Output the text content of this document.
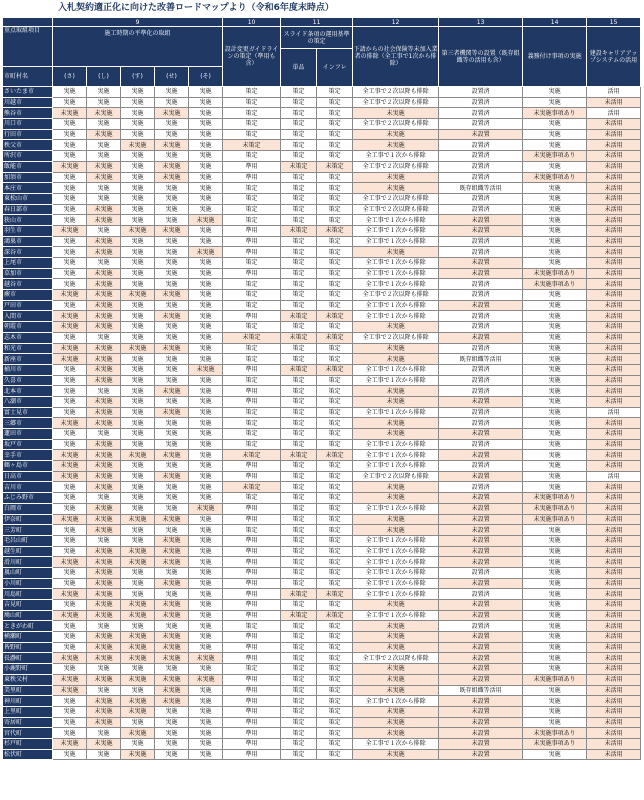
入札契約適正化に向けた改善ロードマップより（令和6年度末時点）
	9					10	11		12	13	14	15
重点取組項目	施工時期の平準化の取組					設計変更ガイドラインの策定（準用も含）	スライド条項の運用基準の策定		下請からの社会保険等未加入業者の排除（全工事で1次から排除）	第三者機関等の設置（既存組織等の活用も含）	義務付け事項の実施	建設キャリアアップシステムの活用
							単品	インフレ				
市町村名	(さ)	(し)	(す)	(せ)	(そ)							
さいたま市	実施	実施	実施	実施	実施	策定	策定	策定	全工事で２次以降も排除	設置済	実施	活用
川越市	実施	実施	実施	実施	実施	策定	策定	策定	全工事で２次以降も排除	設置済	実施	未活用
熊谷市	未実施	未実施	実施	未実施	実施	策定	策定	策定	未実施	設置済	未実施事項あり	活用
川口市	実施	実施	実施	実施	実施	策定	策定	策定	全工事で２次以降も排除	設置済	実施	未活用
行田市	実施	未実施	実施	実施	実施	策定	策定	策定	未実施	未設置	実施	未活用
秩父市	実施	実施	未実施	未実施	実施	未策定	策定	策定	未実施	設置済	実施	未活用
所沢市	実施	実施	実施	実施	実施	策定	策定	策定	全工事で１次から排除	設置済	未実施事項あり	未活用
飯能市	未実施	未実施	実施	未実施	実施	準用	未策定	未策定	全工事で２次以降も排除	設置済	実施	未活用
加須市	実施	未実施	実施	未実施	実施	準用	策定	策定	未実施	設置済	未実施事項あり	未活用
本庄市	実施	実施	実施	実施	実施	策定	策定	策定	未実施	既存組織等活用	実施	未活用
東松山市	実施	実施	実施	実施	実施	策定	策定	策定	全工事で２次以降も排除	設置済	実施	未活用
春日部市	実施	未実施	実施	実施	実施	策定	策定	策定	全工事で２次以降も排除	設置済	実施	未活用
狭山市	実施	未実施	実施	実施	未実施	策定	策定	策定	全工事で１次から排除	未設置	実施	未活用
羽生市	未実施	実施	未実施	未実施	実施	準用	未策定	未策定	全工事で１次から排除	未設置	実施	未活用
鴻巣市	実施	未実施	実施	実施	実施	準用	策定	策定	全工事で１次から排除	設置済	実施	未活用
深谷市	実施	未実施	実施	実施	未実施	準用	策定	策定	未実施	設置済	実施	未活用
上尾市	実施	実施	実施	実施	実施	策定	策定	策定	全工事で１次から排除	未設置	実施	未活用
草加市	実施	未実施	実施	実施	実施	準用	策定	策定	全工事で１次から排除	未設置	未実施事項あり	未活用
越谷市	実施	未実施	実施	実施	実施	策定	策定	策定	全工事で１次から排除	設置済	未実施事項あり	未活用
蕨市	未実施	未実施	未実施	未実施	実施	策定	策定	策定	全工事で２次以降も排除	設置済	実施	未活用
戸田市	実施	未実施	実施	実施	実施	策定	策定	策定	全工事で１次から排除	未設置	実施	未活用
入間市	未実施	未実施	実施	未実施	実施	準用	未策定	未策定	全工事で１次から排除	設置済	実施	未活用
朝霞市	未実施	未実施	実施	実施	実施	策定	策定	策定	未実施	設置済	実施	未活用
志木市	実施	実施	実施	実施	実施	未策定	未策定	未策定	全工事で２次以降も排除	未設置	実施	未活用
和光市	未実施	未実施	未実施	未実施	実施	策定	策定	策定	未実施	設置済	実施	未活用
新座市	未実施	未実施	実施	実施	実施	策定	策定	策定	未実施	既存組織等活用	実施	未活用
桶川市	実施	未実施	実施	実施	未実施	準用	未策定	未策定	全工事で１次から排除	設置済	実施	未活用
久喜市	実施	未実施	実施	実施	実施	策定	策定	策定	全工事で１次から排除	設置済	実施	未活用
北本市	実施	実施	実施	未実施	実施	準用	策定	策定	未実施	設置済	実施	未活用
八潮市	実施	未実施	実施	実施	実施	準用	策定	策定	未実施	未設置	実施	未活用
富士見市	実施	未実施	実施	未実施	実施	策定	策定	策定	全工事で１次から排除	設置済	実施	活用
三郷市	未実施	未実施	実施	実施	実施	策定	策定	策定	未実施	設置済	実施	未活用
蓮田市	実施	実施	実施	実施	実施	策定	策定	策定	未実施	未設置	実施	未活用
坂戸市	実施	未実施	実施	実施	実施	策定	策定	策定	全工事で１次から排除	設置済	実施	未活用
幸手市	未実施	未実施	未実施	未実施	実施	未策定	未策定	未策定	全工事で１次から排除	未設置	実施	未活用
鶴ヶ島市	未実施	未実施	実施	実施	実施	準用	策定	策定	全工事で１次から排除	設置済	実施	未活用
日高市	未実施	未実施	実施	未実施	実施	準用	策定	策定	全工事で２次以降も排除	未設置	実施	活用
吉川市	実施	未実施	実施	実施	実施	未策定	策定	策定	未実施	設置済	実施	未活用
ふじみ野市	実施	実施	実施	実施	実施	策定	策定	策定	未実施	未設置	未実施事項あり	未活用
白岡市	実施	未実施	実施	実施	未実施	準用	策定	策定	全工事で１次から排除	未設置	未実施事項あり	未活用
伊奈町	未実施	未実施	未実施	未実施	実施	準用	策定	策定	未実施	未設置	未実施事項あり	未活用
三芳町	実施	未実施	実施	実施	実施	策定	策定	策定	未実施	未設置	実施	未活用
毛呂山町	実施	実施	実施	未実施	実施	準用	策定	策定	全工事で１次から排除	未設置	実施	未活用
越生町	実施	未実施	未実施	未実施	実施	準用	策定	策定	全工事で１次から排除	未設置	実施	未活用
滑川町	未実施	未実施	未実施	未実施	実施	準用	策定	策定	全工事で１次から排除	未設置	実施	未活用
嵐山町	実施	未実施	実施	実施	実施	準用	策定	策定	全工事で１次から排除	設置済	実施	未活用
小川町	実施	未実施	実施	未実施	実施	準用	策定	策定	全工事で１次から排除	未設置	実施	未活用
川島町	未実施	未実施	実施	実施	実施	準用	未策定	未策定	全工事で１次から排除	設置済	実施	未活用
吉見町	実施	未実施	未実施	未実施	実施	準用	策定	策定	未実施	未設置	実施	未活用
鳩山町	未実施	未実施	未実施	未実施	実施	準用	未策定	未策定	全工事で１次から排除	未設置	実施	未活用
ときがわ町	実施	実施	実施	実施	実施	策定	策定	策定	未実施	設置済	実施	未活用
横瀬町	実施	未実施	未実施	未実施	実施	準用	策定	策定	未実施	未設置	実施	未活用
皆野町	実施	未実施	未実施	未実施	実施	準用	策定	策定	未実施	未設置	実施	未活用
長瀞町	未実施	未実施	未実施	未実施	未実施	準用	策定	策定	全工事で２次以降も排除	未設置	実施	未活用
小鹿野町	実施	実施	実施	実施	実施	策定	策定	策定	未実施	未設置	実施	未活用
東秩父村	未実施	未実施	未実施	未実施	未実施	準用	策定	策定	未実施	未設置	未実施事項あり	未活用
美里町	未実施	実施	実施	未実施	実施	準用	策定	策定	未実施	既存組織等活用	実施	未活用
神川町	実施	未実施	未実施	未実施	実施	準用	策定	策定	全工事で１次から排除	未設置	実施	未活用
上里町	実施	未実施	未実施	実施	実施	準用	策定	策定	未実施	未設置	実施	未活用
寄居町	実施	未実施	実施	実施	実施	準用	策定	策定	未実施	未設置	実施	未活用
宮代町	実施	実施	未実施	実施	実施	準用	策定	策定	未実施	未設置	未実施事項あり	未活用
杉戸町	未実施	未実施	実施	実施	実施	準用	策定	策定	全工事で１次から排除	未設置	未実施事項あり	未活用
松伏町	実施	実施	未実施	実施	実施	準用	策定	策定	未実施	未設置	実施	未活用
